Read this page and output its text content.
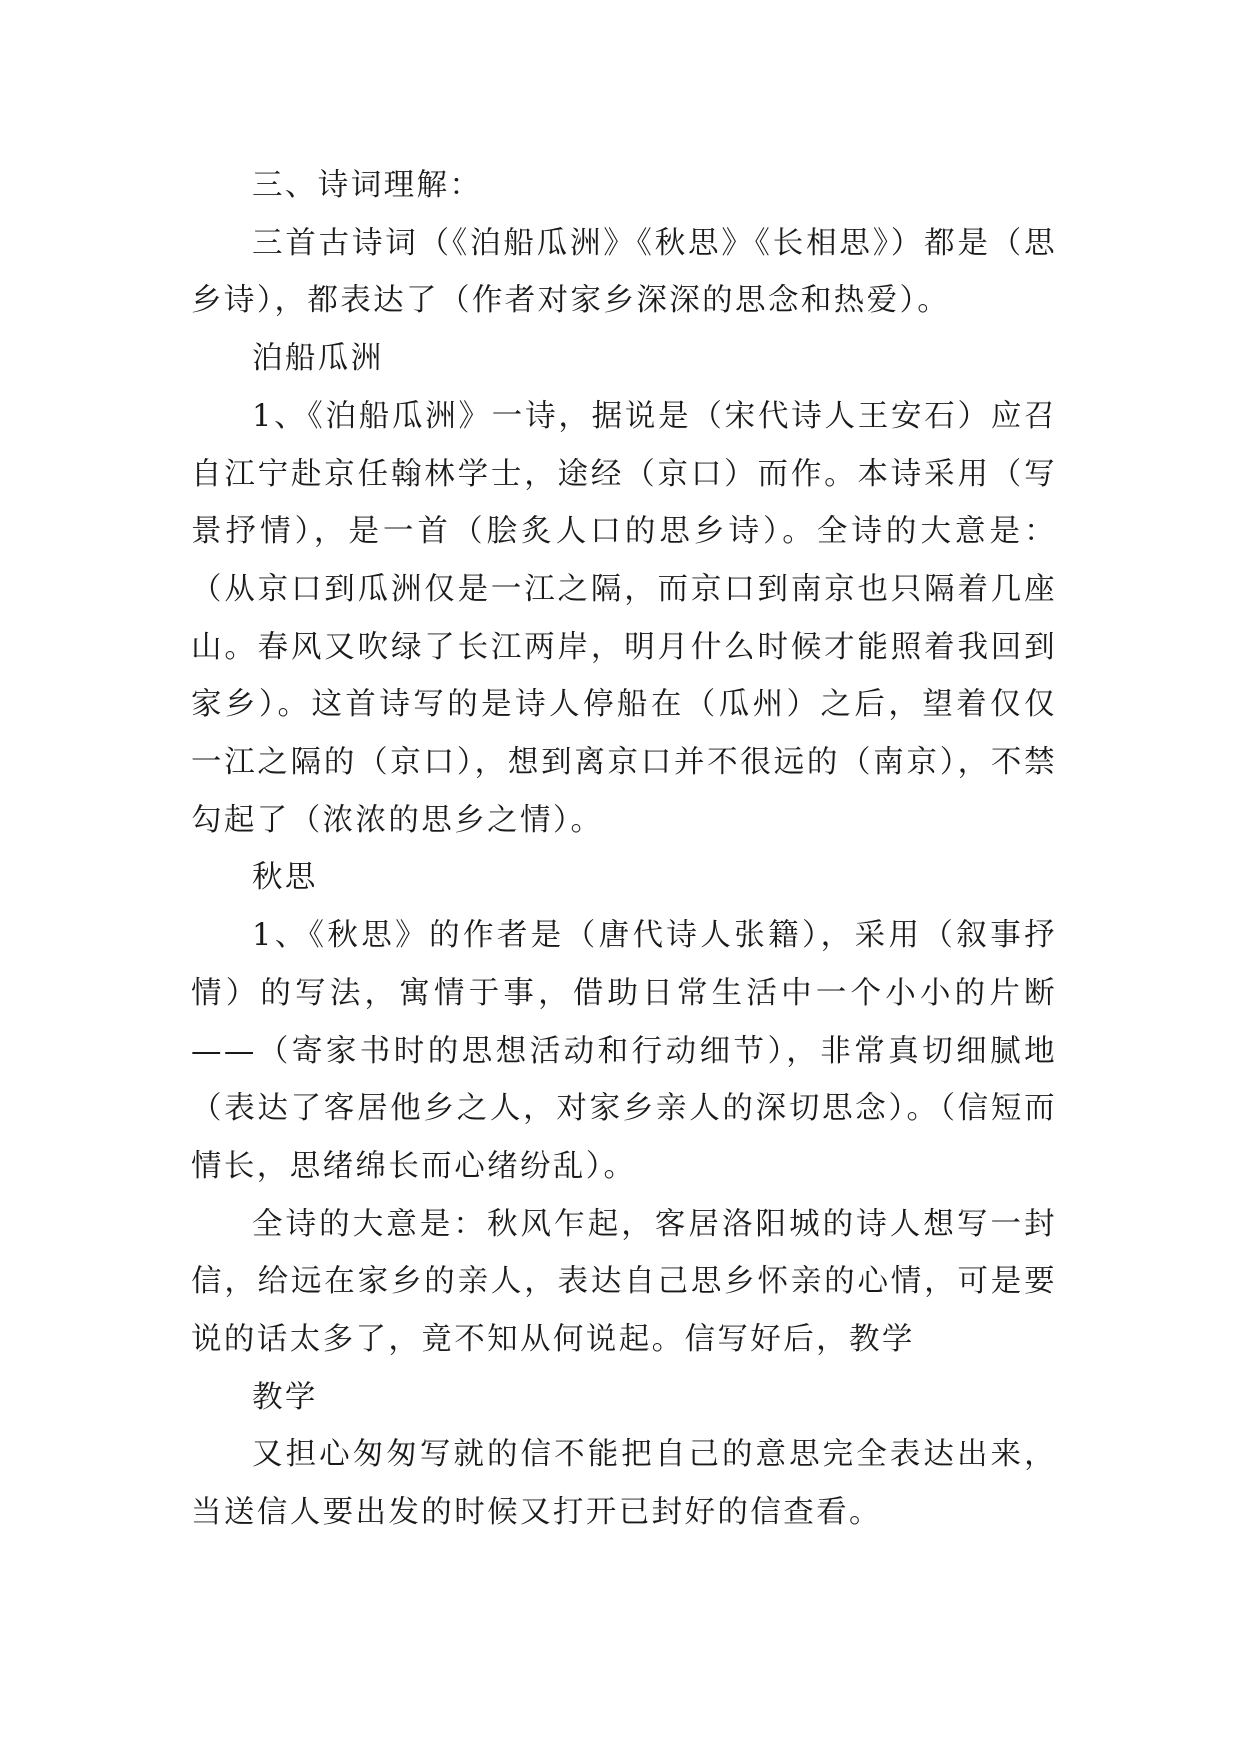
三、诗词理解：

三首古诗词（《泊船瓜洲》《秋思》《长相思》）都是（思乡诗），都表达了（作者对家乡深深的思念和热爱）。

泊船瓜洲

1、《泊船瓜洲》一诗，据说是（宋代诗人王安石）应召自江宁赴京任翰林学士，途经（京口）而作。本诗采用（写景抒情），是一首（脍炙人口的思乡诗）。全诗的大意是：（从京口到瓜洲仅是一江之隔，而京口到南京也只隔着几座山。春风又吹绿了长江两岸，明月什么时候才能照着我回到家乡）。这首诗写的是诗人停船在（瓜州）之后，望着仅仅一江之隔的（京口），想到离京口并不很远的（南京），不禁勾起了（浓浓的思乡之情）。

秋思

1、《秋思》的作者是（唐代诗人张籍），采用（叙事抒情）的写法，寓情于事，借助日常生活中一个小小的片断——（寄家书时的思想活动和行动细节），非常真切细腻地（表达了客居他乡之人，对家乡亲人的深切思念）。（信短而情长，思绪绵长而心绪纷乱）。

全诗的大意是：秋风乍起，客居洛阳城的诗人想写一封信，给远在家乡的亲人，表达自己思乡怀亲的心情，可是要说的话太多了，竟不知从何说起。信写好后，教学

教学

又担心匆匆写就的信不能把自己的意思完全表达出来，当送信人要出发的时候又打开已封好的信查看。
